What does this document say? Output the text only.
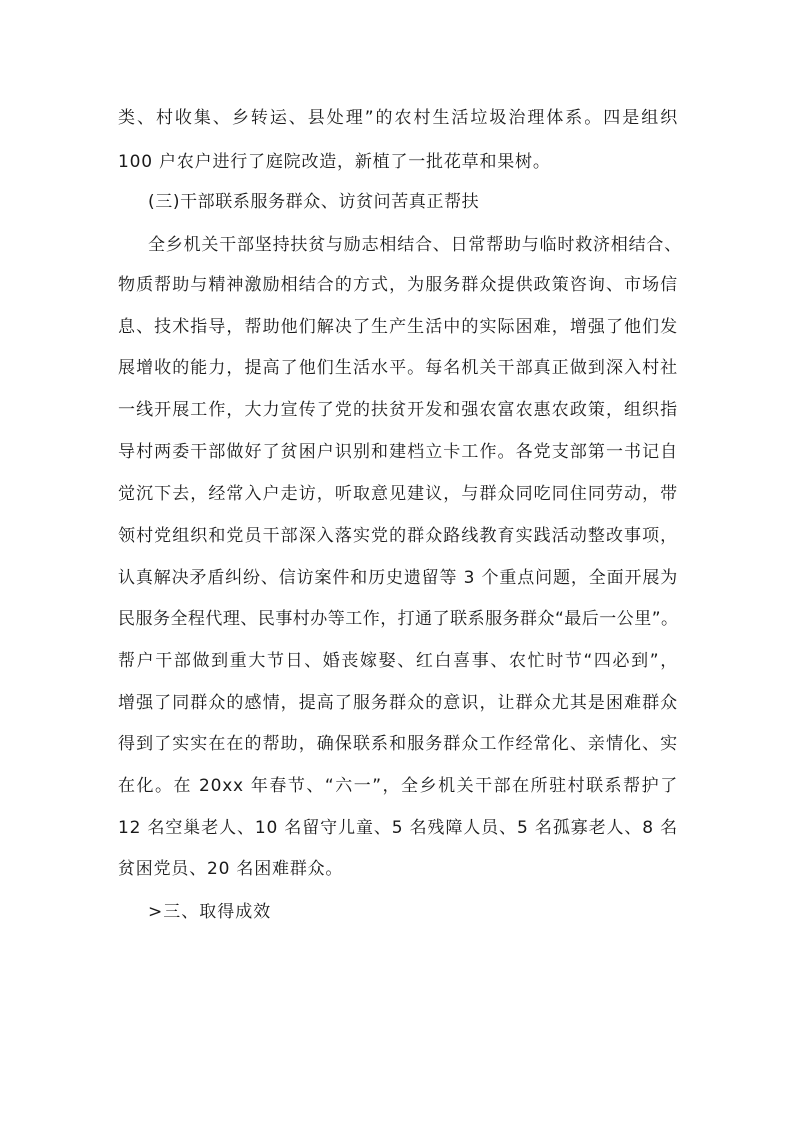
类、村收集、乡转运、县处理”的农村生活垃圾治理体系。四是组织
100 户农户进行了庭院改造，新植了一批花草和果树。
(三)干部联系服务群众、访贫问苦真正帮扶
全乡机关干部坚持扶贫与励志相结合、日常帮助与临时救济相结合、
物质帮助与精神激励相结合的方式，为服务群众提供政策咨询、市场信
息、技术指导，帮助他们解决了生产生活中的实际困难，增强了他们发
展增收的能力，提高了他们生活水平。每名机关干部真正做到深入村社
一线开展工作，大力宣传了党的扶贫开发和强农富农惠农政策，组织指
导村两委干部做好了贫困户识别和建档立卡工作。各党支部第一书记自
觉沉下去，经常入户走访，听取意见建议，与群众同吃同住同劳动，带
领村党组织和党员干部深入落实党的群众路线教育实践活动整改事项，
认真解决矛盾纠纷、信访案件和历史遗留等 3 个重点问题，全面开展为
民服务全程代理、民事村办等工作，打通了联系服务群众“最后一公里”。
帮户干部做到重大节日、婚丧嫁娶、红白喜事、农忙时节“四必到”，
增强了同群众的感情，提高了服务群众的意识，让群众尤其是困难群众
得到了实实在在的帮助，确保联系和服务群众工作经常化、亲情化、实
在化。在 20xx 年春节、“六一”，全乡机关干部在所驻村联系帮护了
12 名空巢老人、10 名留守儿童、5 名残障人员、5 名孤寡老人、8 名
贫困党员、20 名困难群众。
>三、取得成效
